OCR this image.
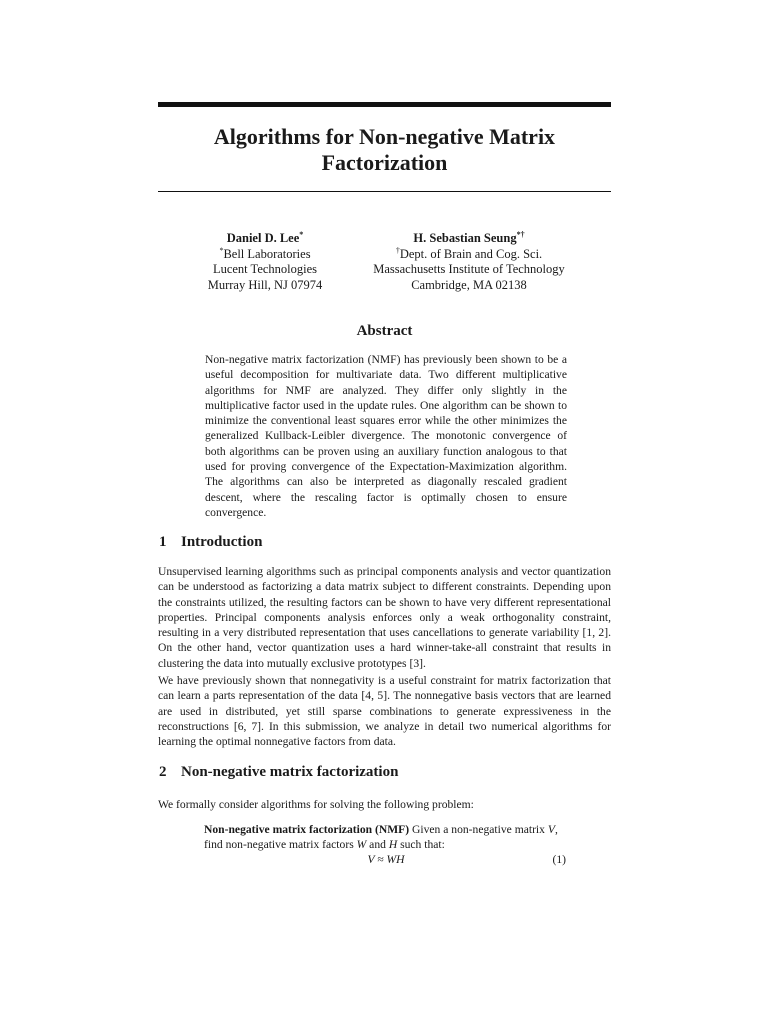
Algorithms for Non-negative Matrix
Factorization
Daniel D. Lee*
*Bell Laboratories
Lucent Technologies
Murray Hill, NJ 07974
H. Sebastian Seung*†
†Dept. of Brain and Cog. Sci.
Massachusetts Institute of Technology
Cambridge, MA 02138
Abstract

Non-negative matrix factorization (NMF) has previously been shown to be a useful decomposition for multivariate data. Two different multiplicative algorithms for NMF are analyzed. They differ only slightly in the multiplicative factor used in the update rules. One algorithm can be shown to minimize the conventional least squares error while the other minimizes the generalized Kullback-Leibler divergence. The monotonic convergence of both algorithms can be proven using an auxiliary function analogous to that used for proving convergence of the Expectation-Maximization algorithm. The algorithms can also be interpreted as diagonally rescaled gradient descent, where the rescaling factor is optimally chosen to ensure convergence.

1 Introduction

Unsupervised learning algorithms such as principal components analysis and vector quantization can be understood as factorizing a data matrix subject to different constraints. Depending upon the constraints utilized, the resulting factors can be shown to have very different representational properties. Principal components analysis enforces only a weak orthogonality constraint, resulting in a very distributed representation that uses cancellations to generate variability [1, 2]. On the other hand, vector quantization uses a hard winner-take-all constraint that results in clustering the data into mutually exclusive prototypes [3].

We have previously shown that nonnegativity is a useful constraint for matrix factorization that can learn a parts representation of the data [4, 5]. The nonnegative basis vectors that are learned are used in distributed, yet still sparse combinations to generate expressiveness in the reconstructions [6, 7]. In this submission, we analyze in detail two numerical algorithms for learning the optimal nonnegative factors from data.

2 Non-negative matrix factorization

We formally consider algorithms for solving the following problem:

Non-negative matrix factorization (NMF) Given a non-negative matrix V, find non-negative matrix factors W and H such that:

V ≈ WH	(1)
